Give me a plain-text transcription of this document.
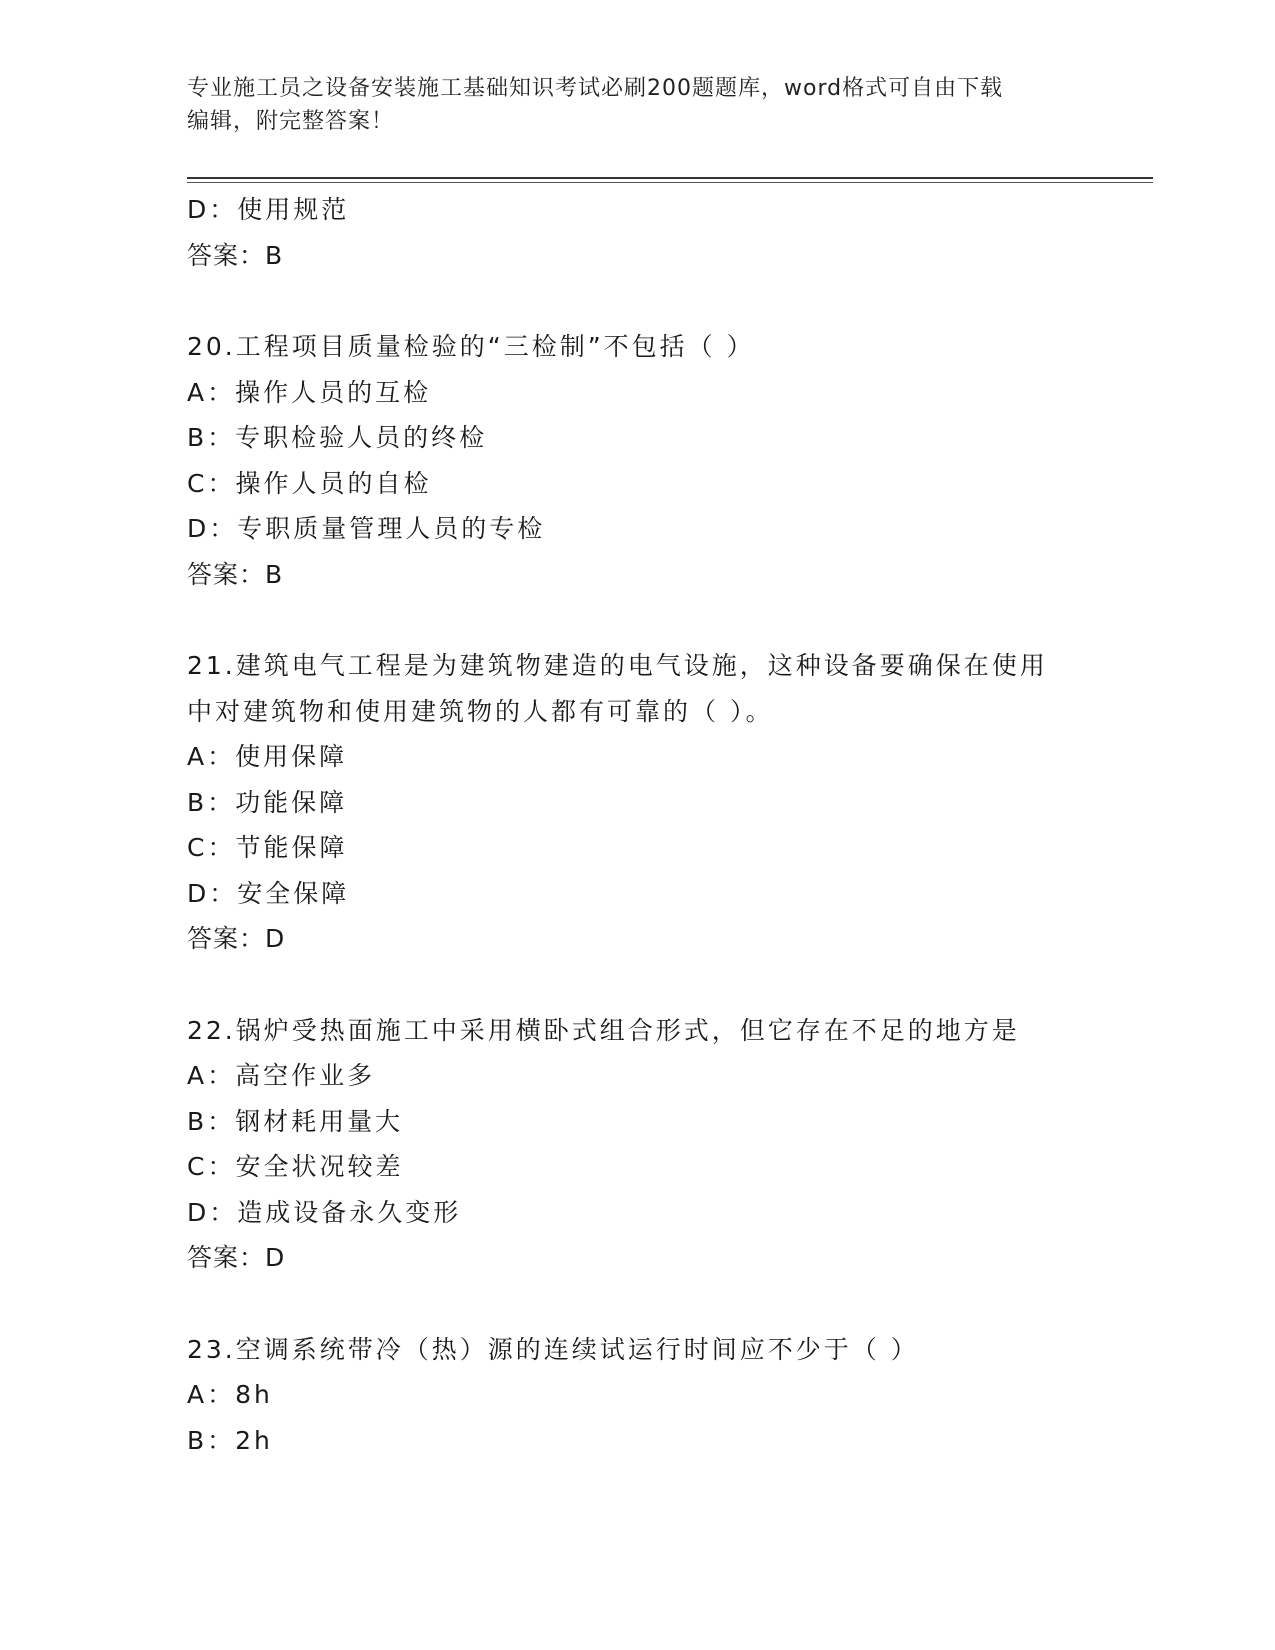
专业施工员之设备安装施工基础知识考试必刷200题题库，word格式可自由下载
编辑，附完整答案！
D：使用规范
答案：B
20.工程项目质量检验的“三检制”不包括（ ）
A：操作人员的互检
B：专职检验人员的终检
C：操作人员的自检
D：专职质量管理人员的专检
答案：B
21.建筑电气工程是为建筑物建造的电气设施，这种设备要确保在使用
中对建筑物和使用建筑物的人都有可靠的（ ）。
A：使用保障
B：功能保障
C：节能保障
D：安全保障
答案：D
22.锅炉受热面施工中采用横卧式组合形式，但它存在不足的地方是
A：高空作业多
B：钢材耗用量大
C：安全状况较差
D：造成设备永久变形
答案：D
23.空调系统带冷（热）源的连续试运行时间应不少于（ ）
A：8h
B：2h
